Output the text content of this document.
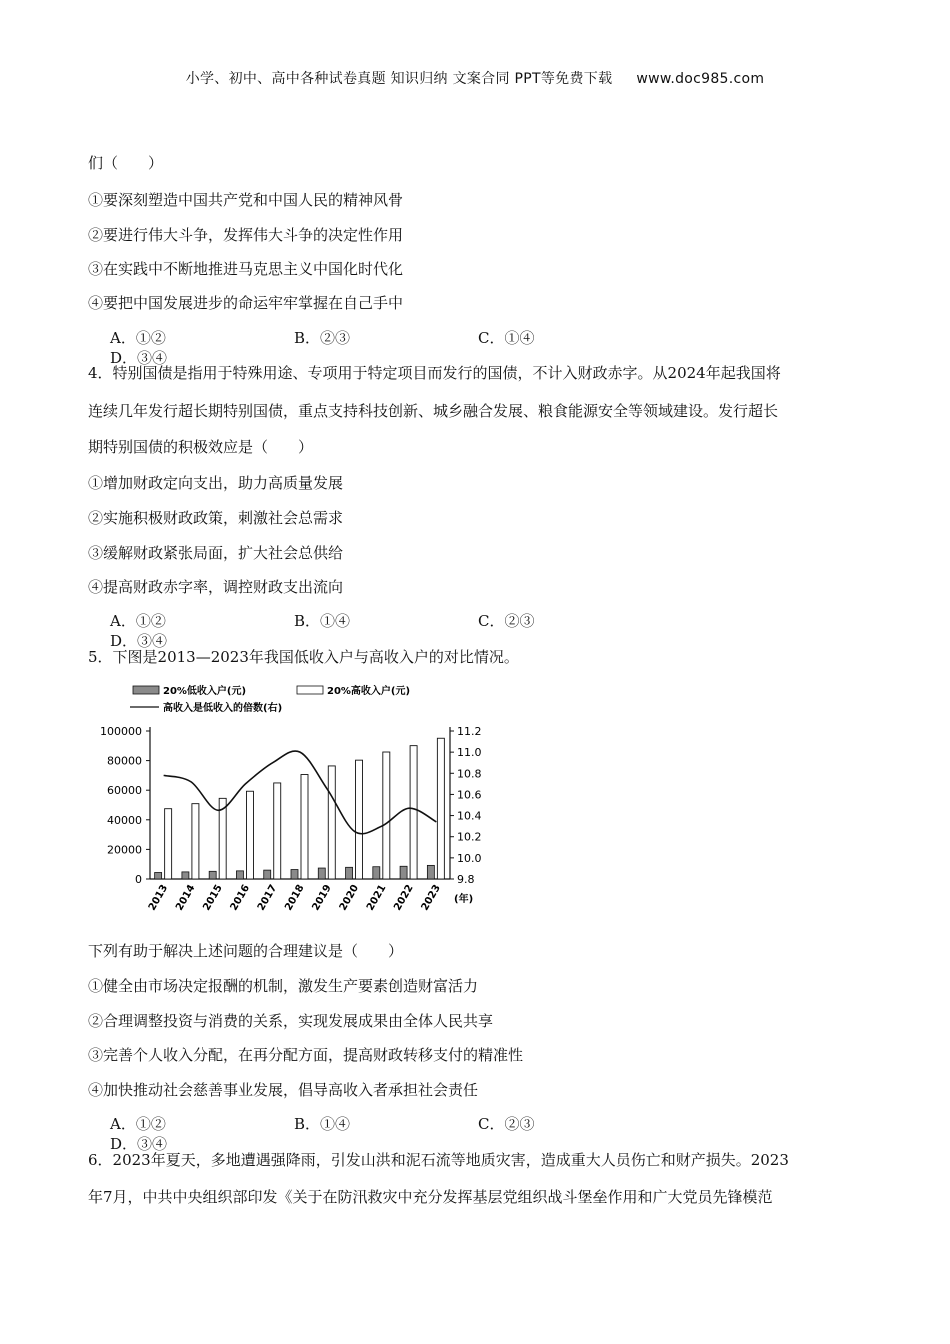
小学、初中、高中各种试卷真题 知识归纳 文案合同 PPT等免费下载 www.doc985.com
们（　　）
①要深刻塑造中国共产党和中国人民的精神风骨
②要进行伟大斗争，发挥伟大斗争的决定性作用
③在实践中不断地推进马克思主义中国化时代化
④要把中国发展进步的命运牢牢掌握在自己手中
A．①②	B．②③	C．①④D．③④
4．特别国债是指用于特殊用途、专项用于特定项目而发行的国债，不计入财政赤字。从2024年起我国将
连续几年发行超长期特别国债，重点支持科技创新、城乡融合发展、粮食能源安全等领域建设。发行超长
期特别国债的积极效应是（　　）
①增加财政定向支出，助力高质量发展
②实施积极财政政策，刺激社会总需求
③缓解财政紧张局面，扩大社会总供给
④提高财政赤字率，调控财政支出流向
A．①②	B．①④	C．②③D．③④
5．下图是2013—2023年我国低收入户与高收入户的对比情况。
20%低收入户(元)	20%高收入户(元)
高收入是低收入的倍数(右)
0
20000
40000
60000
80000
100000
9.8
10.0
10.2
10.4
10.6
10.8
11.0
11.2
2013 2014 2015 2016 2017 2018 2019 2020 2021 2022 2023 (年)
下列有助于解决上述问题的合理建议是（　　）
①健全由市场决定报酬的机制，激发生产要素创造财富活力
②合理调整投资与消费的关系，实现发展成果由全体人民共享
③完善个人收入分配，在再分配方面，提高财政转移支付的精准性
④加快推动社会慈善事业发展，倡导高收入者承担社会责任
A．①②	B．①④	C．②③D．③④
6．2023年夏天，多地遭遇强降雨，引发山洪和泥石流等地质灾害，造成重大人员伤亡和财产损失。2023
年7月，中共中央组织部印发《关于在防汛救灾中充分发挥基层党组织战斗堡垒作用和广大党员先锋模范
